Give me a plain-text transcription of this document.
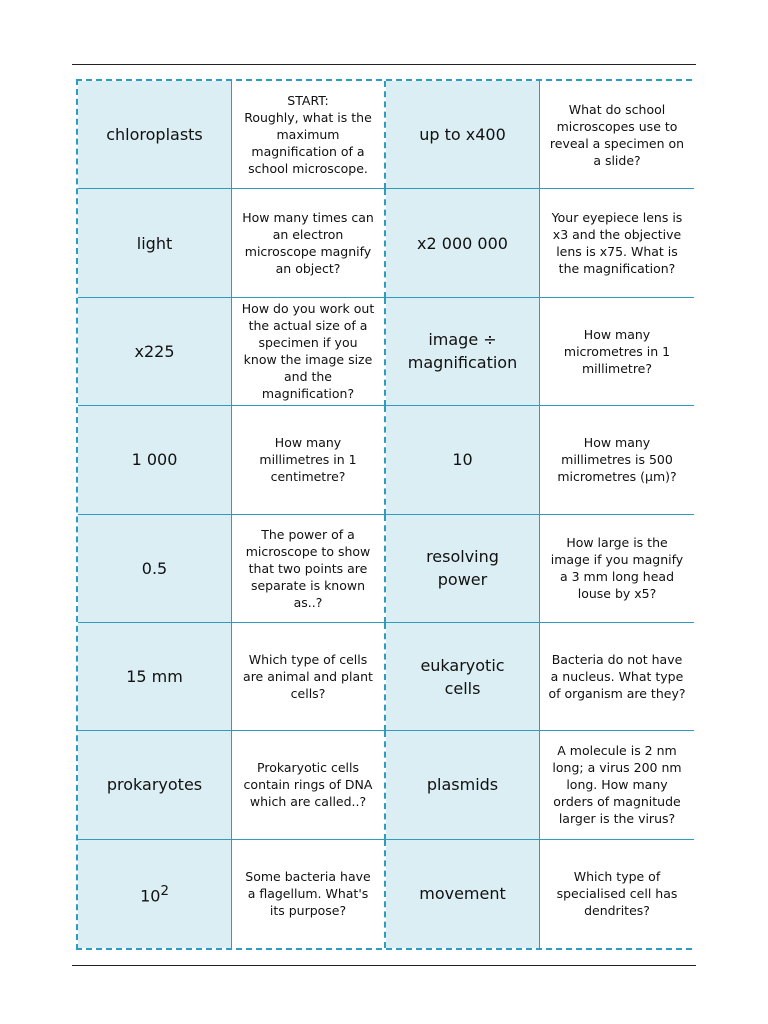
chloroplasts
START:
Roughly, what is the maximum magnification of a school microscope.
up to x400
What do school microscopes use to reveal a specimen on a slide?
light
How many times can an electron microscope magnify an object?
x2 000 000
Your eyepiece lens is x3 and the objective lens is x75. What is the magnification?
x225
How do you work out the actual size of a specimen if you know the image size and the magnification?
image ÷
magnification
How many micrometres in 1 millimetre?
1 000
How many millimetres in 1 centimetre?
10
How many millimetres is 500 micrometres (µm)?
0.5
The power of a microscope to show that two points are separate is known as..?
resolving
power
How large is the image if you magnify a 3 mm long head louse by x5?
15 mm
Which type of cells are animal and plant cells?
eukaryotic
cells
Bacteria do not have a nucleus. What type of organism are they?
prokaryotes
Prokaryotic cells contain rings of DNA which are called..?
plasmids
A molecule is 2 nm long; a virus 200 nm long. How many orders of magnitude larger is the virus?
$10^2$
Some bacteria have a flagellum. What's its purpose?
movement
Which type of specialised cell has dendrites?
